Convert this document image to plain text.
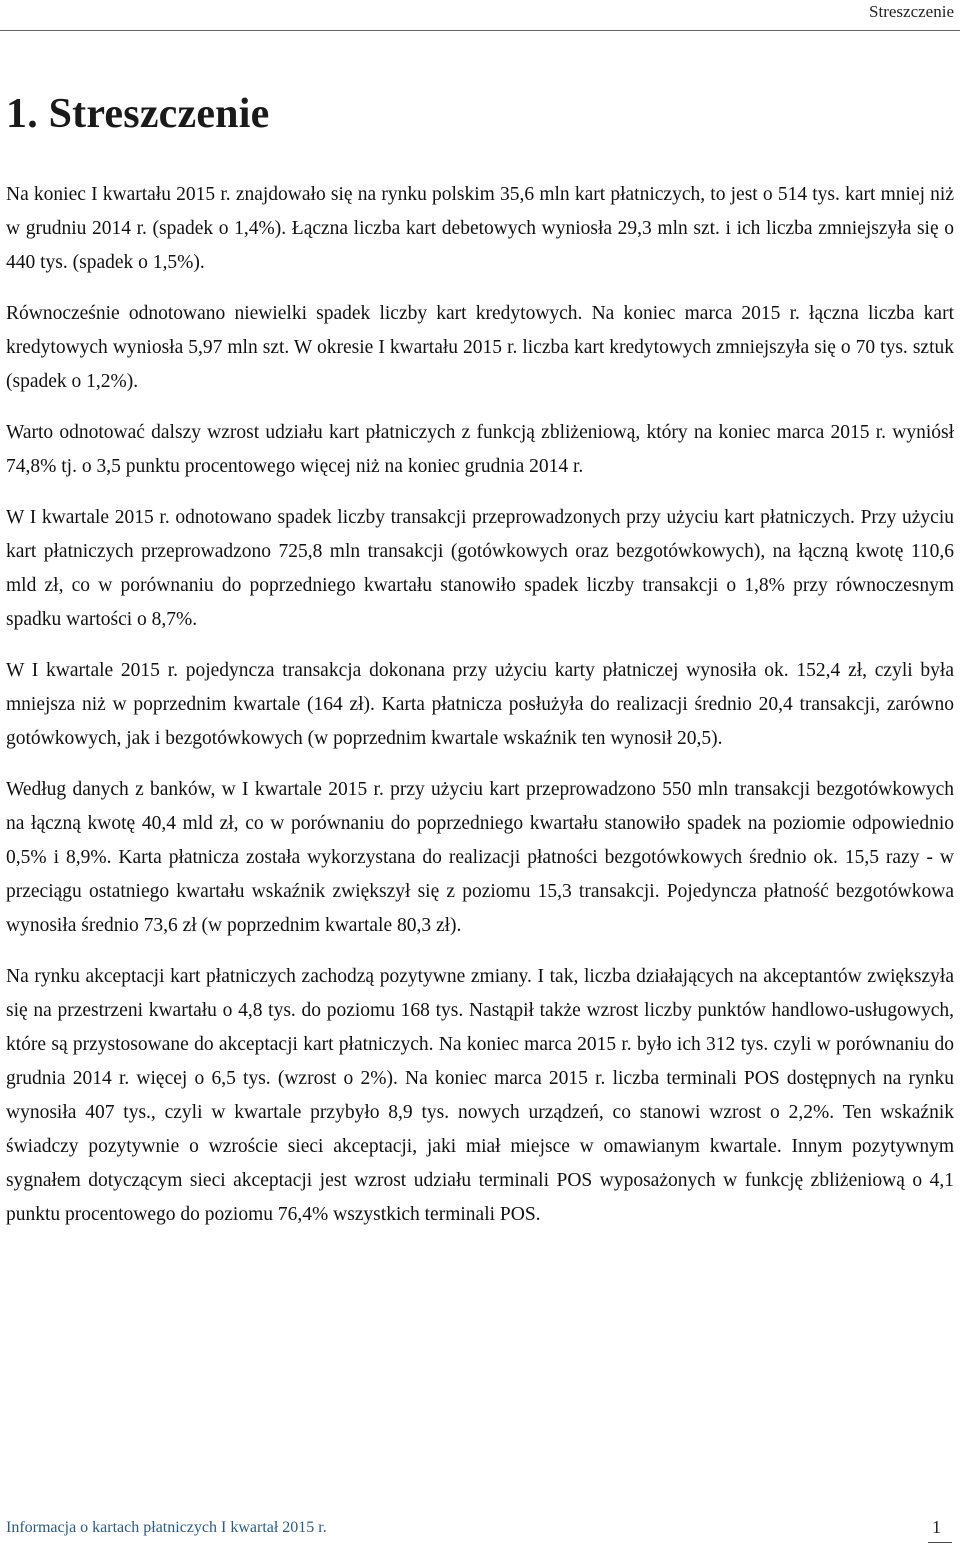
Streszczenie
1. Streszczenie

Na koniec I kwartału 2015 r. znajdowało się na rynku polskim 35,6 mln kart płatniczych, to jest o 514 tys. kart mniej niż w grudniu 2014 r. (spadek o 1,4%). Łączna liczba kart debetowych wyniosła 29,3 mln szt. i ich liczba zmniejszyła się o 440 tys. (spadek o 1,5%).

Równocześnie odnotowano niewielki spadek liczby kart kredytowych. Na koniec marca 2015 r. łączna liczba kart kredytowych wyniosła 5,97 mln szt. W okresie I kwartału 2015 r. liczba kart kredytowych zmniejszyła się o 70 tys. sztuk (spadek o 1,2%).

Warto odnotować dalszy wzrost udziału kart płatniczych z funkcją zbliżeniową, który na koniec marca 2015 r. wyniósł 74,8% tj. o 3,5 punktu procentowego więcej niż na koniec grudnia 2014 r.

W I kwartale 2015 r. odnotowano spadek liczby transakcji przeprowadzonych przy użyciu kart płatniczych. Przy użyciu kart płatniczych przeprowadzono 725,8 mln transakcji (gotówkowych oraz bezgotówkowych), na łączną kwotę 110,6 mld zł, co w porównaniu do poprzedniego kwartału stanowiło spadek liczby transakcji o 1,8% przy równoczesnym spadku wartości o 8,7%.

W I kwartale 2015 r. pojedyncza transakcja dokonana przy użyciu karty płatniczej wynosiła ok. 152,4 zł, czyli była mniejsza niż w poprzednim kwartale (164 zł). Karta płatnicza posłużyła do realizacji średnio 20,4 transakcji, zarówno gotówkowych, jak i bezgotówkowych (w poprzednim kwartale wskaźnik ten wynosił 20,5).

Według danych z banków, w I kwartale 2015 r. przy użyciu kart przeprowadzono 550 mln transakcji bezgotówkowych na łączną kwotę 40,4 mld zł, co w porównaniu do poprzedniego kwartału stanowiło spadek na poziomie odpowiednio 0,5% i 8,9%. Karta płatnicza została wykorzystana do realizacji płatności bezgotówkowych średnio ok. 15,5 razy - w przeciągu ostatniego kwartału wskaźnik zwiększył się z poziomu 15,3 transakcji. Pojedyncza płatność bezgotówkowa wynosiła średnio 73,6 zł (w poprzednim kwartale 80,3 zł).

Na rynku akceptacji kart płatniczych zachodzą pozytywne zmiany. I tak, liczba działających na akceptantów zwiększyła się na przestrzeni kwartału o 4,8 tys. do poziomu 168 tys. Nastąpił także wzrost liczby punktów handlowo-usługowych, które są przystosowane do akceptacji kart płatniczych. Na koniec marca 2015 r. było ich 312 tys. czyli w porównaniu do grudnia 2014 r. więcej o 6,5 tys. (wzrost o 2%). Na koniec marca 2015 r. liczba terminali POS dostępnych na rynku wynosiła 407 tys., czyli w kwartale przybyło 8,9 tys. nowych urządzeń, co stanowi wzrost o 2,2%. Ten wskaźnik świadczy pozytywnie o wzroście sieci akceptacji, jaki miał miejsce w omawianym kwartale. Innym pozytywnym sygnałem dotyczącym sieci akceptacji jest wzrost udziału terminali POS wyposażonych w funkcję zbliżeniową o 4,1 punktu procentowego do poziomu 76,4% wszystkich terminali POS.

Informacja o kartach płatniczych I kwartał 2015 r.	1
